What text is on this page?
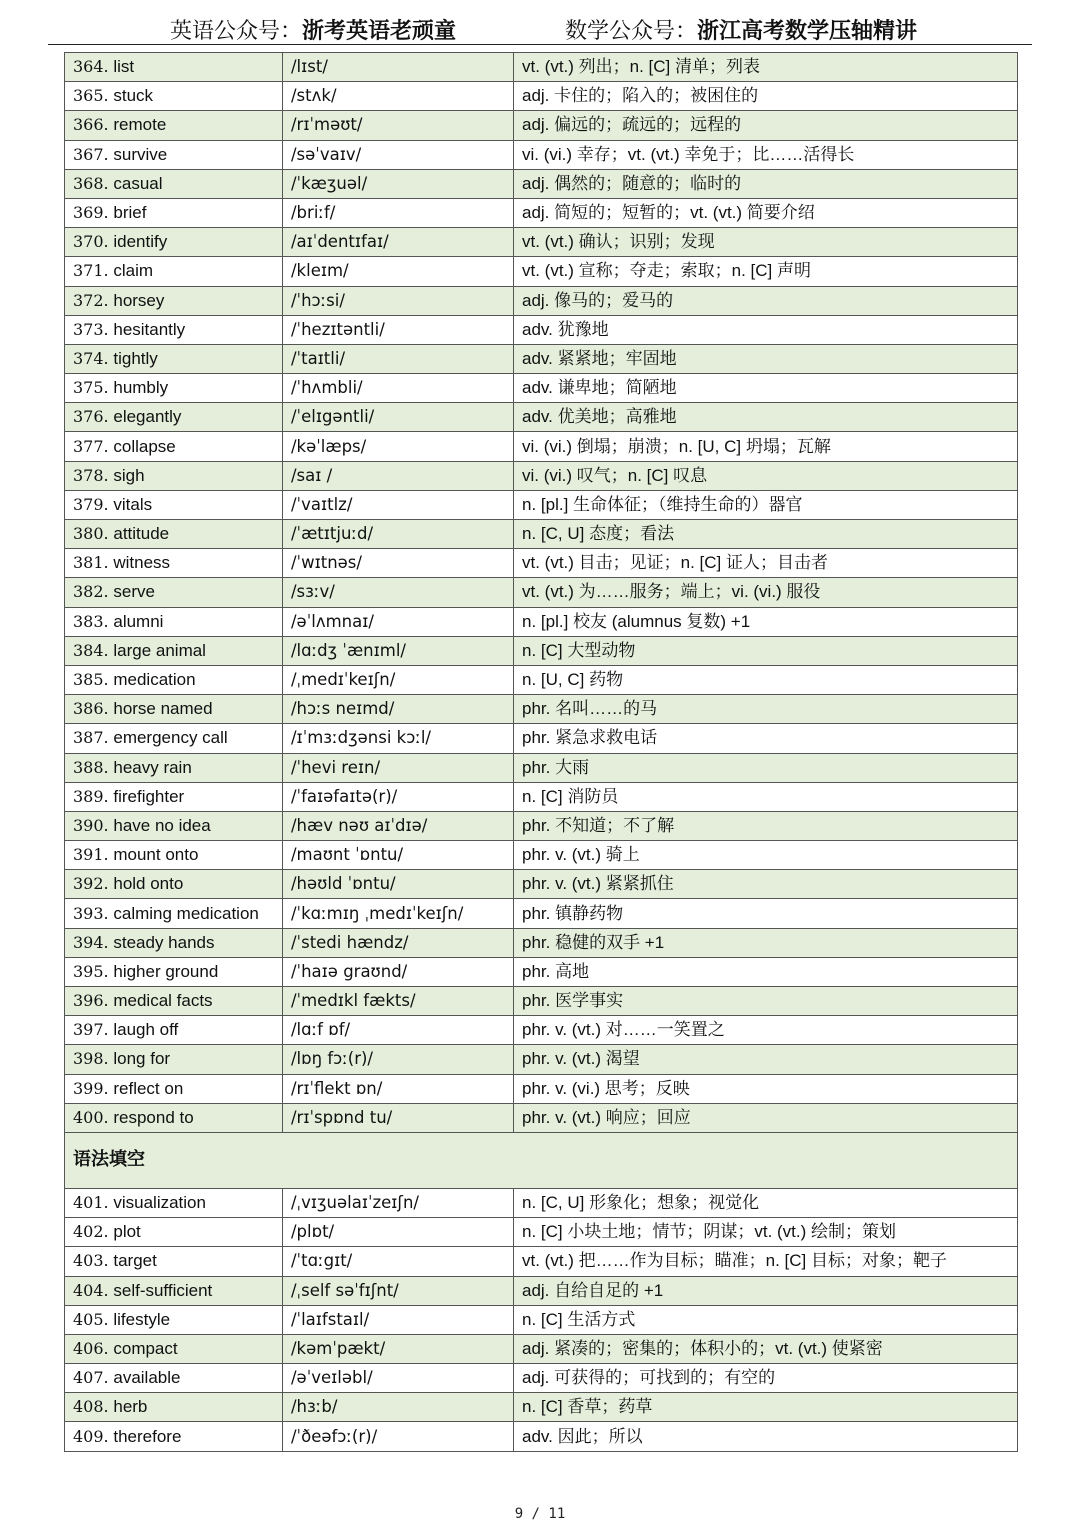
英语公众号：浙考英语老顽童	数学公众号：浙江高考数学压轴精讲
364. list	/lɪst/	vt. (vt.) 列出；n. [C] 清单；列表
365. stuck	/stʌk/	adj. 卡住的；陷入的；被困住的
366. remote	/rɪˈməʊt/	adj. 偏远的；疏远的；远程的
367. survive	/səˈvaɪv/	vi. (vi.) 幸存；vt. (vt.) 幸免于；比……活得长
368. casual	/ˈkæʒuəl/	adj. 偶然的；随意的；临时的
369. brief	/briːf/	adj. 简短的；短暂的；vt. (vt.) 简要介绍
370. identify	/aɪˈdentɪfaɪ/	vt. (vt.) 确认；识别；发现
371. claim	/kleɪm/	vt. (vt.) 宣称；夺走；索取；n. [C] 声明
372. horsey	/ˈhɔːsi/	adj. 像马的；爱马的
373. hesitantly	/ˈhezɪtəntli/	adv. 犹豫地
374. tightly	/ˈtaɪtli/	adv. 紧紧地；牢固地
375. humbly	/ˈhʌmbli/	adv. 谦卑地；简陋地
376. elegantly	/ˈelɪgəntli/	adv. 优美地；高雅地
377. collapse	/kəˈlæps/	vi. (vi.) 倒塌；崩溃；n. [U, C] 坍塌；瓦解
378. sigh	/saɪ /	vi. (vi.) 叹气；n. [C] 叹息
379. vitals	/ˈvaɪtlz/	n. [pl.] 生命体征；（维持生命的）器官
380. attitude	/ˈætɪtjuːd/	n. [C, U] 态度；看法
381. witness	/ˈwɪtnəs/	vt. (vt.) 目击；见证；n. [C] 证人；目击者
382. serve	/sɜːv/	vt. (vt.) 为……服务；端上；vi. (vi.) 服役
383. alumni	/əˈlʌmnaɪ/	n. [pl.] 校友 (alumnus 复数) +1
384. large animal	/lɑːdʒ ˈænɪml/	n. [C] 大型动物
385. medication	/ˌmedɪˈkeɪʃn/	n. [U, C] 药物
386. horse named	/hɔːs neɪmd/	phr. 名叫……的马
387. emergency call	/ɪˈmɜːdʒənsi kɔːl/	phr. 紧急求救电话
388. heavy rain	/ˈhevi reɪn/	phr. 大雨
389. firefighter	/ˈfaɪəfaɪtə(r)/	n. [C] 消防员
390. have no idea	/hæv nəʊ aɪˈdɪə/	phr. 不知道；不了解
391. mount onto	/maʊnt ˈɒntu/	phr. v. (vt.) 骑上
392. hold onto	/həʊld ˈɒntu/	phr. v. (vt.) 紧紧抓住
393. calming medication	/ˈkɑːmɪŋ ˌmedɪˈkeɪʃn/	phr. 镇静药物
394. steady hands	/ˈstedi hændz/	phr. 稳健的双手 +1
395. higher ground	/ˈhaɪə graʊnd/	phr. 高地
396. medical facts	/ˈmedɪkl fækts/	phr. 医学事实
397. laugh off	/lɑːf ɒf/	phr. v. (vt.) 对……一笑置之
398. long for	/lɒŋ fɔː(r)/	phr. v. (vt.) 渴望
399. reflect on	/rɪˈflekt ɒn/	phr. v. (vi.) 思考；反映
400. respond to	/rɪˈspɒnd tu/	phr. v. (vt.) 响应；回应
语法填空		
401. visualization	/ˌvɪʒuəlaɪˈzeɪʃn/	n. [C, U] 形象化；想象；视觉化
402. plot	/plɒt/	n. [C] 小块土地；情节；阴谋；vt. (vt.) 绘制；策划
403. target	/ˈtɑːgɪt/	vt. (vt.) 把……作为目标；瞄准；n. [C] 目标；对象；靶子
404. self-sufficient	/ˌself səˈfɪʃnt/	adj. 自给自足的 +1
405. lifestyle	/ˈlaɪfstaɪl/	n. [C] 生活方式
406. compact	/kəmˈpækt/	adj. 紧凑的；密集的；体积小的；vt. (vt.) 使紧密
407. available	/əˈveɪləbl/	adj. 可获得的；可找到的；有空的
408. herb	/hɜːb/	n. [C] 香草；药草
409. therefore	/ˈðeəfɔː(r)/	adv. 因此；所以
9 / 11
